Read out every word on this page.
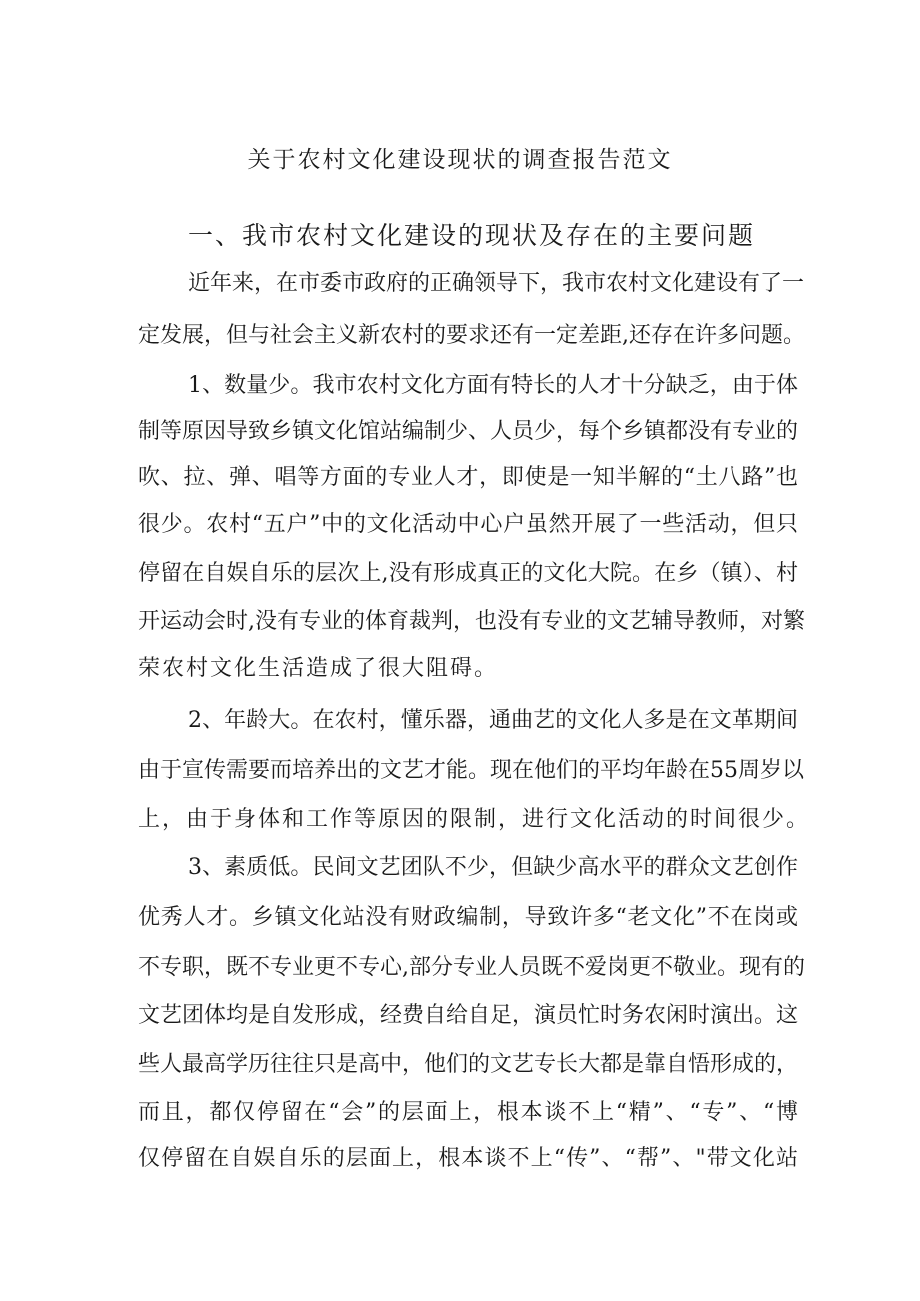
关于农村文化建设现状的调查报告范文
一、我市农村文化建设的现状及存在的主要问题
近年来，在市委市政府的正确领导下，我市农村文化建设有了一
定发展，但与社会主义新农村的要求还有一定差距,还存在许多问题。
1、数量少。我市农村文化方面有特长的人才十分缺乏，由于体
制等原因导致乡镇文化馆站编制少、人员少，每个乡镇都没有专业的
吹、拉、弹、唱等方面的专业人才，即使是一知半解的“土八路”也
很少。农村“五户”中的文化活动中心户虽然开展了一些活动，但只
停留在自娱自乐的层次上,没有形成真正的文化大院。在乡（镇）、村
开运动会时,没有专业的体育裁判，也没有专业的文艺辅导教师，对繁
荣农村文化生活造成了很大阻碍。
2、年龄大。在农村，懂乐器，通曲艺的文化人多是在文革期间
由于宣传需要而培养出的文艺才能。现在他们的平均年龄在55周岁以
上，由于身体和工作等原因的限制，进行文化活动的时间很少。
3、素质低。民间文艺团队不少，但缺少高水平的群众文艺创作
优秀人才。乡镇文化站没有财政编制，导致许多“老文化”不在岗或
不专职，既不专业更不专心,部分专业人员既不爱岗更不敬业。现有的
文艺团体均是自发形成，经费自给自足，演员忙时务农闲时演出。这
些人最高学历往往只是高中，他们的文艺专长大都是靠自悟形成的，
而且，都仅停留在“会”的层面上，根本谈不上“精”、“专”、“博
仅停留在自娱自乐的层面上，根本谈不上“传”、“帮”、"带文化站
